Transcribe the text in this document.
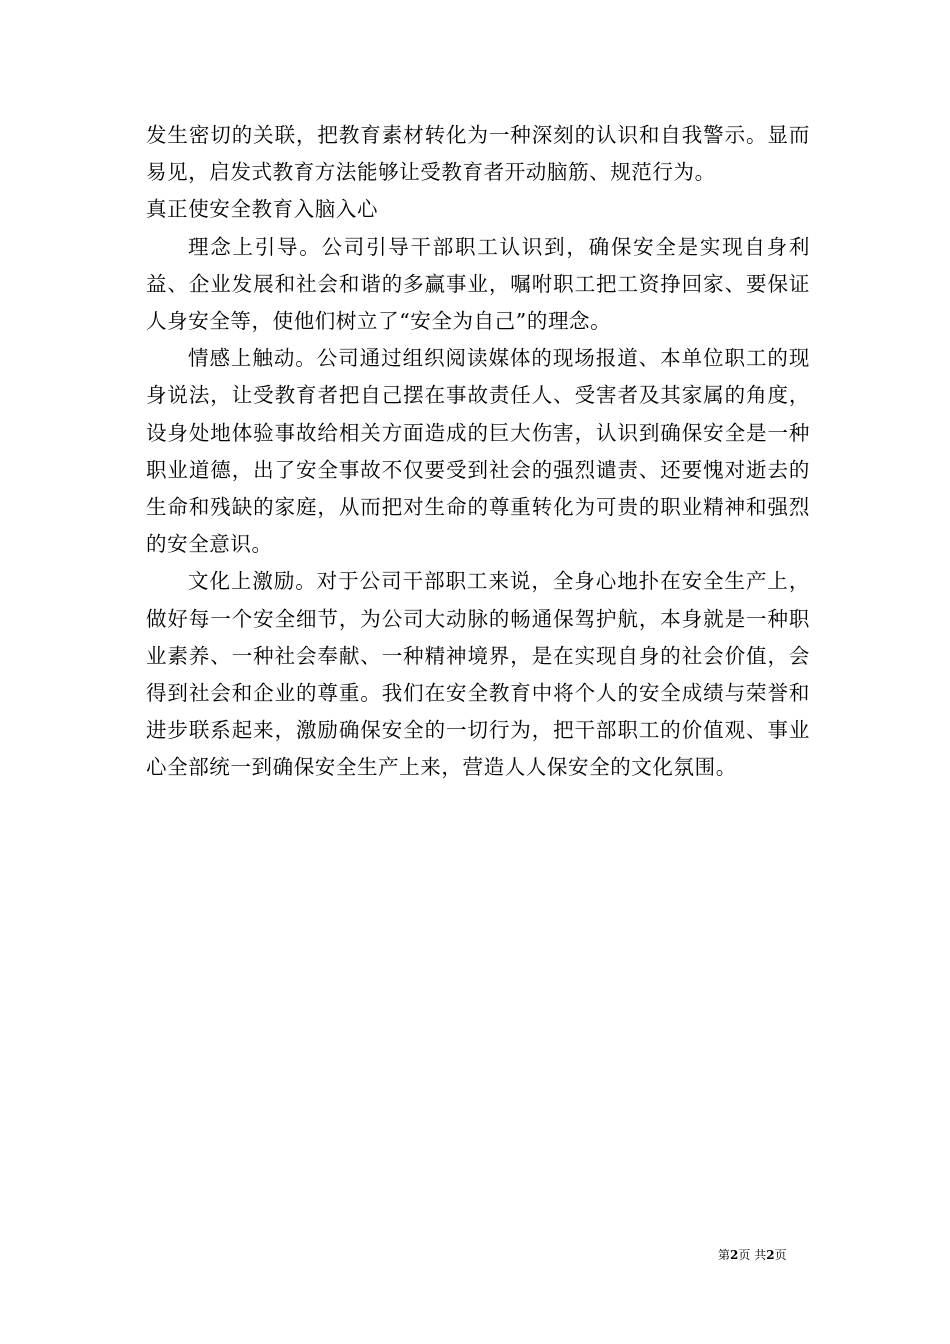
发生密切的关联，把教育素材转化为一种深刻的认识和自我警示。显而易见，启发式教育方法能够让受教育者开动脑筋、规范行为。

真正使安全教育入脑入心

理念上引导。公司引导干部职工认识到，确保安全是实现自身利益、企业发展和社会和谐的多赢事业，嘱咐职工把工资挣回家、要保证人身安全等，使他们树立了“安全为自己”的理念。

情感上触动。公司通过组织阅读媒体的现场报道、本单位职工的现身说法，让受教育者把自己摆在事故责任人、受害者及其家属的角度，设身处地体验事故给相关方面造成的巨大伤害，认识到确保安全是一种职业道德，出了安全事故不仅要受到社会的强烈谴责、还要愧对逝去的生命和残缺的家庭，从而把对生命的尊重转化为可贵的职业精神和强烈的安全意识。

文化上激励。对于公司干部职工来说，全身心地扑在安全生产上，做好每一个安全细节，为公司大动脉的畅通保驾护航，本身就是一种职业素养、一种社会奉献、一种精神境界，是在实现自身的社会价值，会得到社会和企业的尊重。我们在安全教育中将个人的安全成绩与荣誉和进步联系起来，激励确保安全的一切行为，把干部职工的价值观、事业心全部统一到确保安全生产上来，营造人人保安全的文化氛围。

第2页 共2页
